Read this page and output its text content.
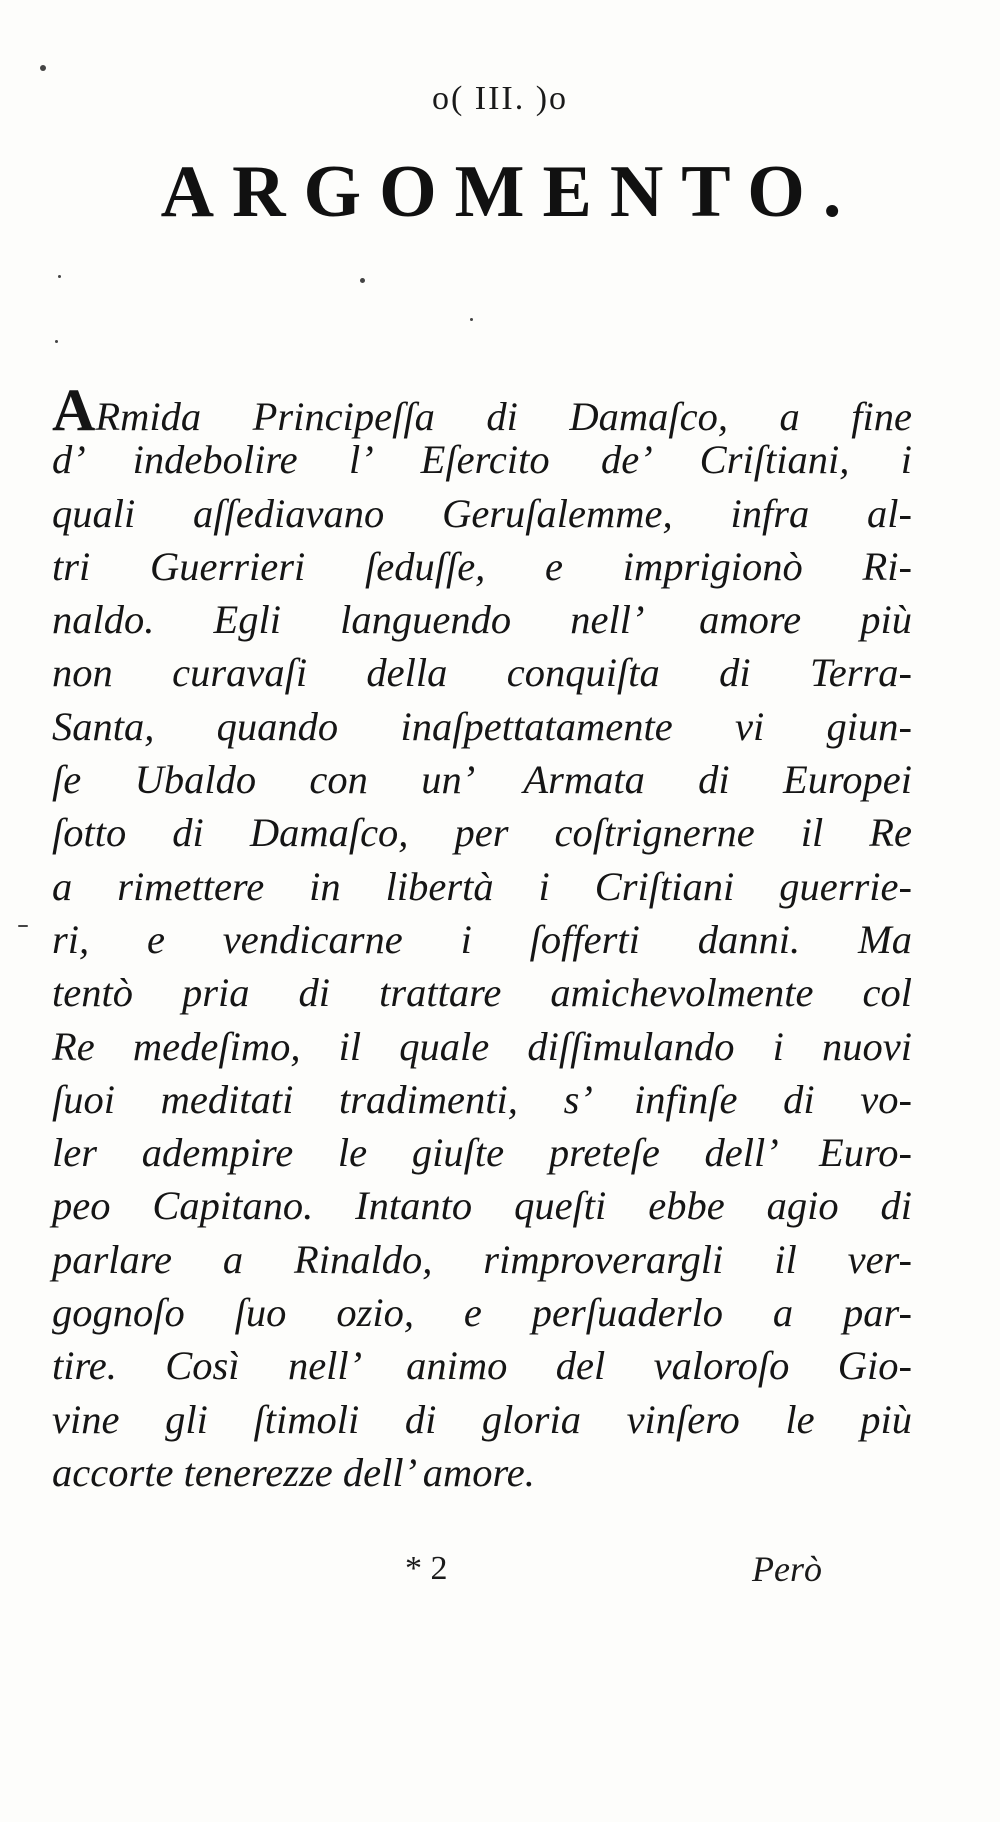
o( III. )o
ARGOMENTO.
ARmida Principeſſa di Damaſco, a fine
d’ indebolire l’ Eſercito de’ Criſtiani, i
quali aſſediavano Geruſalemme, infra al-
tri Guerrieri ſeduſſe, e imprigionò Ri-
naldo. Egli languendo nell’ amore più
non curavaſi della conquiſta di Terra-
Santa, quando inaſpettatamente vi giun-
ſe Ubaldo con un’ Armata di Europei
ſotto di Damaſco, per coſtrignerne il Re
a rimettere in libertà i Criſtiani guerrie-
ri, e vendicarne i ſofferti danni. Ma
tentò pria di trattare amichevolmente col
Re medeſimo, il quale diſſimulando i nuovi
ſuoi meditati tradimenti, s’ infinſe di vo-
ler adempire le giuſte preteſe dell’ Euro-
peo Capitano. Intanto queſti ebbe agio di
parlare a Rinaldo, rimproverargli il ver-
gognoſo ſuo ozio, e perſuaderlo a par-
tire. Così nell’ animo del valoroſo Gio-
vine gli ſtimoli di gloria vinſero le più
accorte tenerezze dell’ amore.
* 2	Però
